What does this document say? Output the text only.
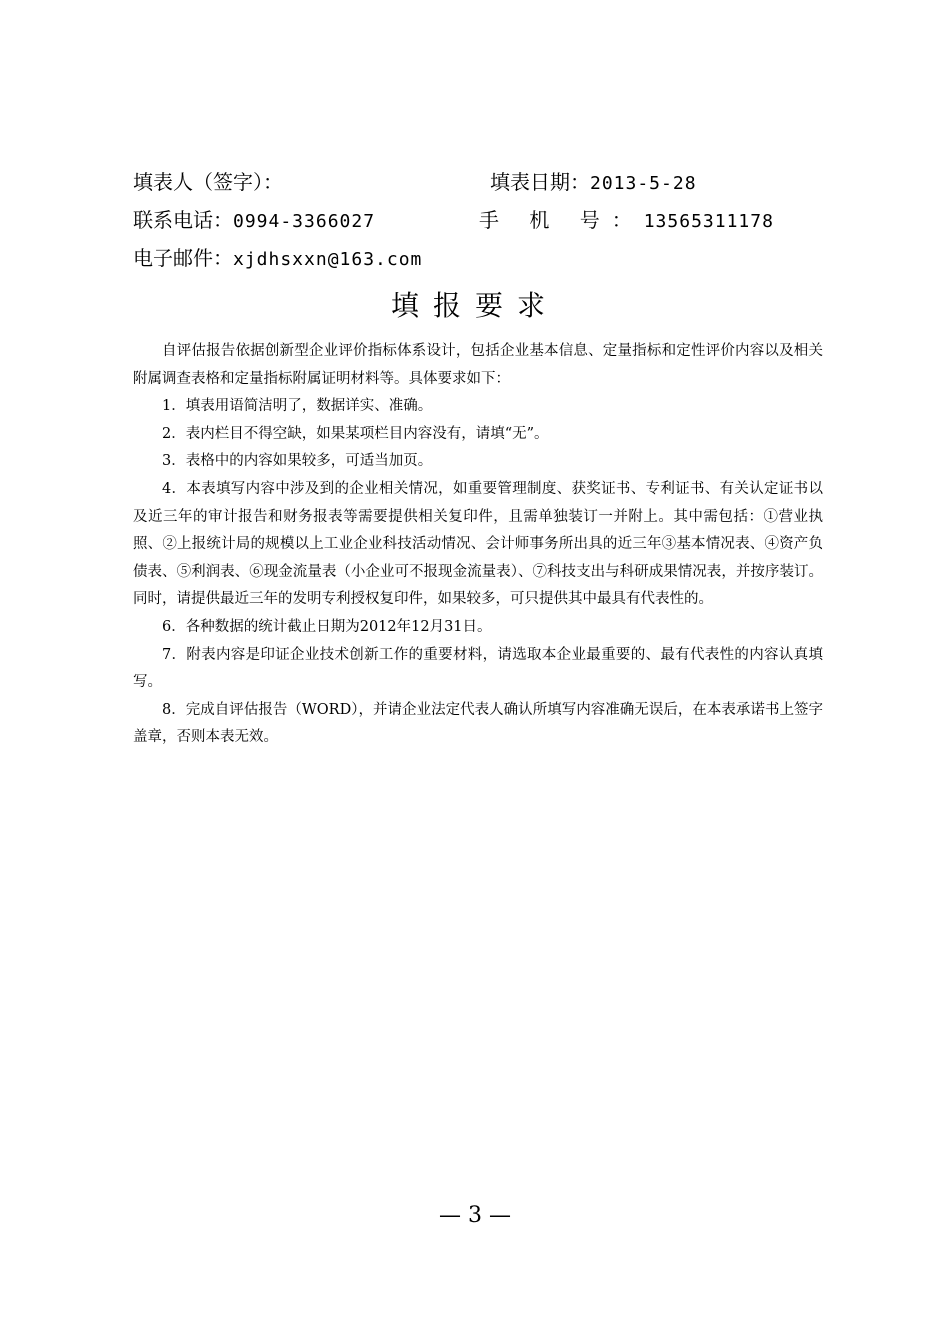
填表人（签字）：	填表日期：2013-5-28
联系电话：0994-3366027	手 机 号：13565311178
电子邮件：xjdhsxxn@163.com
填报要求

自评估报告依据创新型企业评价指标体系设计，包括企业基本信息、定量指标和定性评价内容以及相关附属调查表格和定量指标附属证明材料等。具体要求如下：

1．填表用语简洁明了，数据详实、准确。

2．表内栏目不得空缺，如果某项栏目内容没有，请填“无”。

3．表格中的内容如果较多，可适当加页。

4．本表填写内容中涉及到的企业相关情况，如重要管理制度、获奖证书、专利证书、有关认定证书以及近三年的审计报告和财务报表等需要提供相关复印件，且需单独装订一并附上。其中需包括：①营业执照、②上报统计局的规模以上工业企业科技活动情况、会计师事务所出具的近三年③基本情况表、④资产负债表、⑤利润表、⑥现金流量表（小企业可不报现金流量表）、⑦科技支出与科研成果情况表，并按序装订。同时，请提供最近三年的发明专利授权复印件，如果较多，可只提供其中最具有代表性的。

6．各种数据的统计截止日期为2012年12月31日。

7．附表内容是印证企业技术创新工作的重要材料，请选取本企业最重要的、最有代表性的内容认真填写。

8．完成自评估报告（WORD），并请企业法定代表人确认所填写内容准确无误后，在本表承诺书上签字盖章，否则本表无效。

— 3 —
